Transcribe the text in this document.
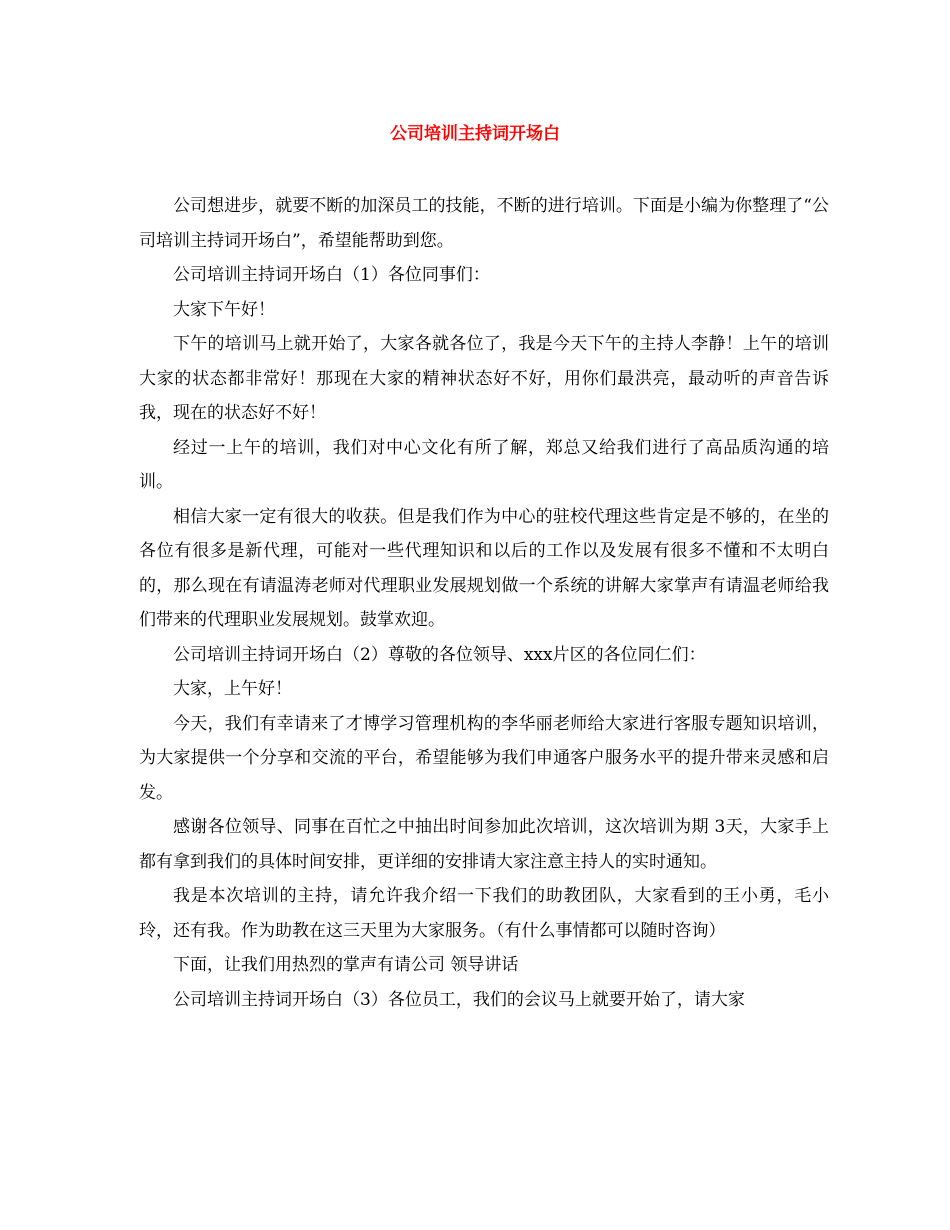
公司培训主持词开场白

公司想进步，就要不断的加深员工的技能，不断的进行培训。下面是小编为你整理了“公司培训主持词开场白”，希望能帮助到您。

公司培训主持词开场白（1）各位同事们：

大家下午好！

下午的培训马上就开始了，大家各就各位了，我是今天下午的主持人李静！上午的培训大家的状态都非常好！那现在大家的精神状态好不好，用你们最洪亮，最动听的声音告诉我，现在的状态好不好！

经过一上午的培训，我们对中心文化有所了解，郑总又给我们进行了高品质沟通的培训。

相信大家一定有很大的收获。但是我们作为中心的驻校代理这些肯定是不够的，在坐的各位有很多是新代理，可能对一些代理知识和以后的工作以及发展有很多不懂和不太明白的，那么现在有请温涛老师对代理职业发展规划做一个系统的讲解大家掌声有请温老师给我们带来的代理职业发展规划。鼓掌欢迎。

公司培训主持词开场白（2）尊敬的各位领导、xxx片区的各位同仁们：

大家，上午好！

今天，我们有幸请来了才博学习管理机构的李华丽老师给大家进行客服专题知识培训，为大家提供一个分享和交流的平台，希望能够为我们申通客户服务水平的提升带来灵感和启发。

感谢各位领导、同事在百忙之中抽出时间参加此次培训，这次培训为期 3天，大家手上都有拿到我们的具体时间安排，更详细的安排请大家注意主持人的实时通知。

我是本次培训的主持，请允许我介绍一下我们的助教团队，大家看到的王小勇，毛小玲，还有我。作为助教在这三天里为大家服务。（有什么事情都可以随时咨询）

下面，让我们用热烈的掌声有请公司 领导讲话

公司培训主持词开场白（3）各位员工，我们的会议马上就要开始了，请大家
